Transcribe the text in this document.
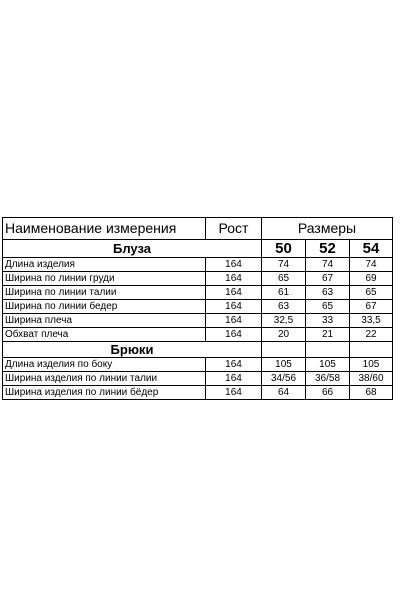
Наименование измерения	Рост	Размеры		
Блуза		50	52	54
Длина изделия	164	74	74	74
Ширина по линии груди	164	65	67	69
Ширина по линии талии	164	61	63	65
Ширина по линии бедер	164	63	65	67
Ширина плеча	164	32,5	33	33,5
Обхват плеча	164	20	21	22
Брюки				
Длина изделия по боку	164	105	105	105
Ширина изделия по линии талии	164	34/56	36/58	38/60
Ширина изделия по линии бёдер	164	64	66	68
